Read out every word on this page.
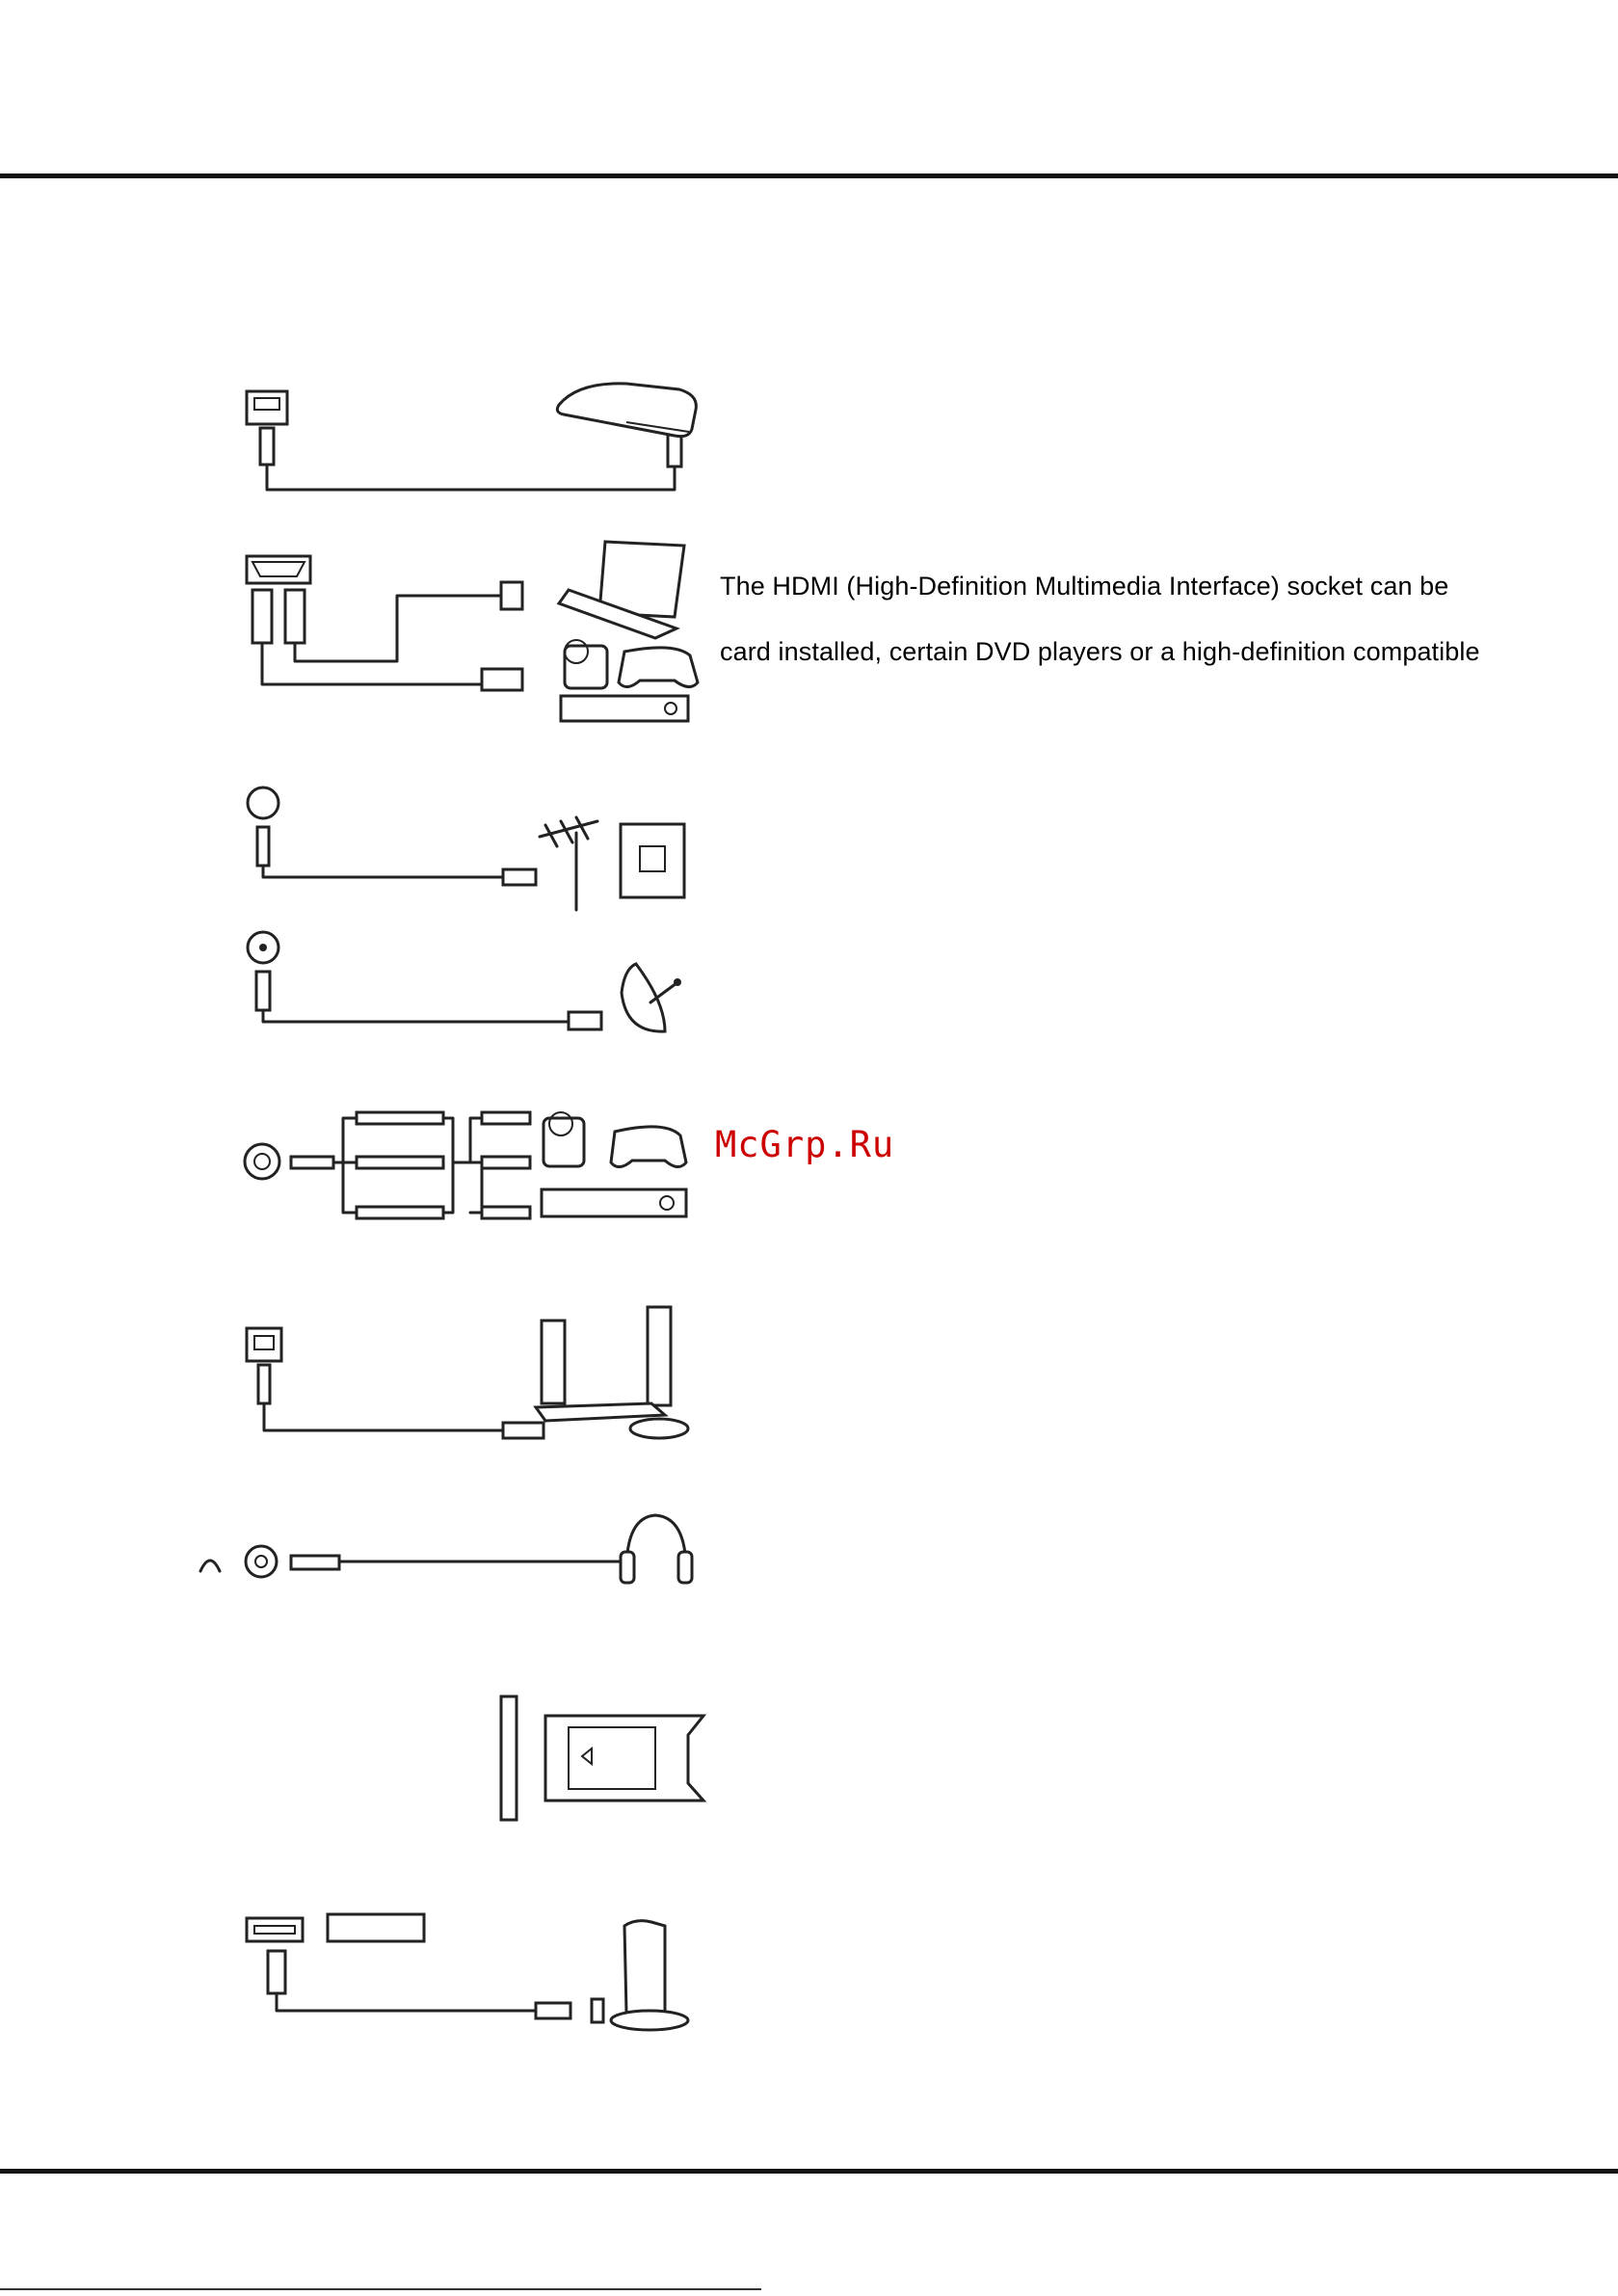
The HDMI (High-Definition Multimedia Interface) socket can be
card installed, certain DVD players or a high-definition compatible
McGrp.Ru
